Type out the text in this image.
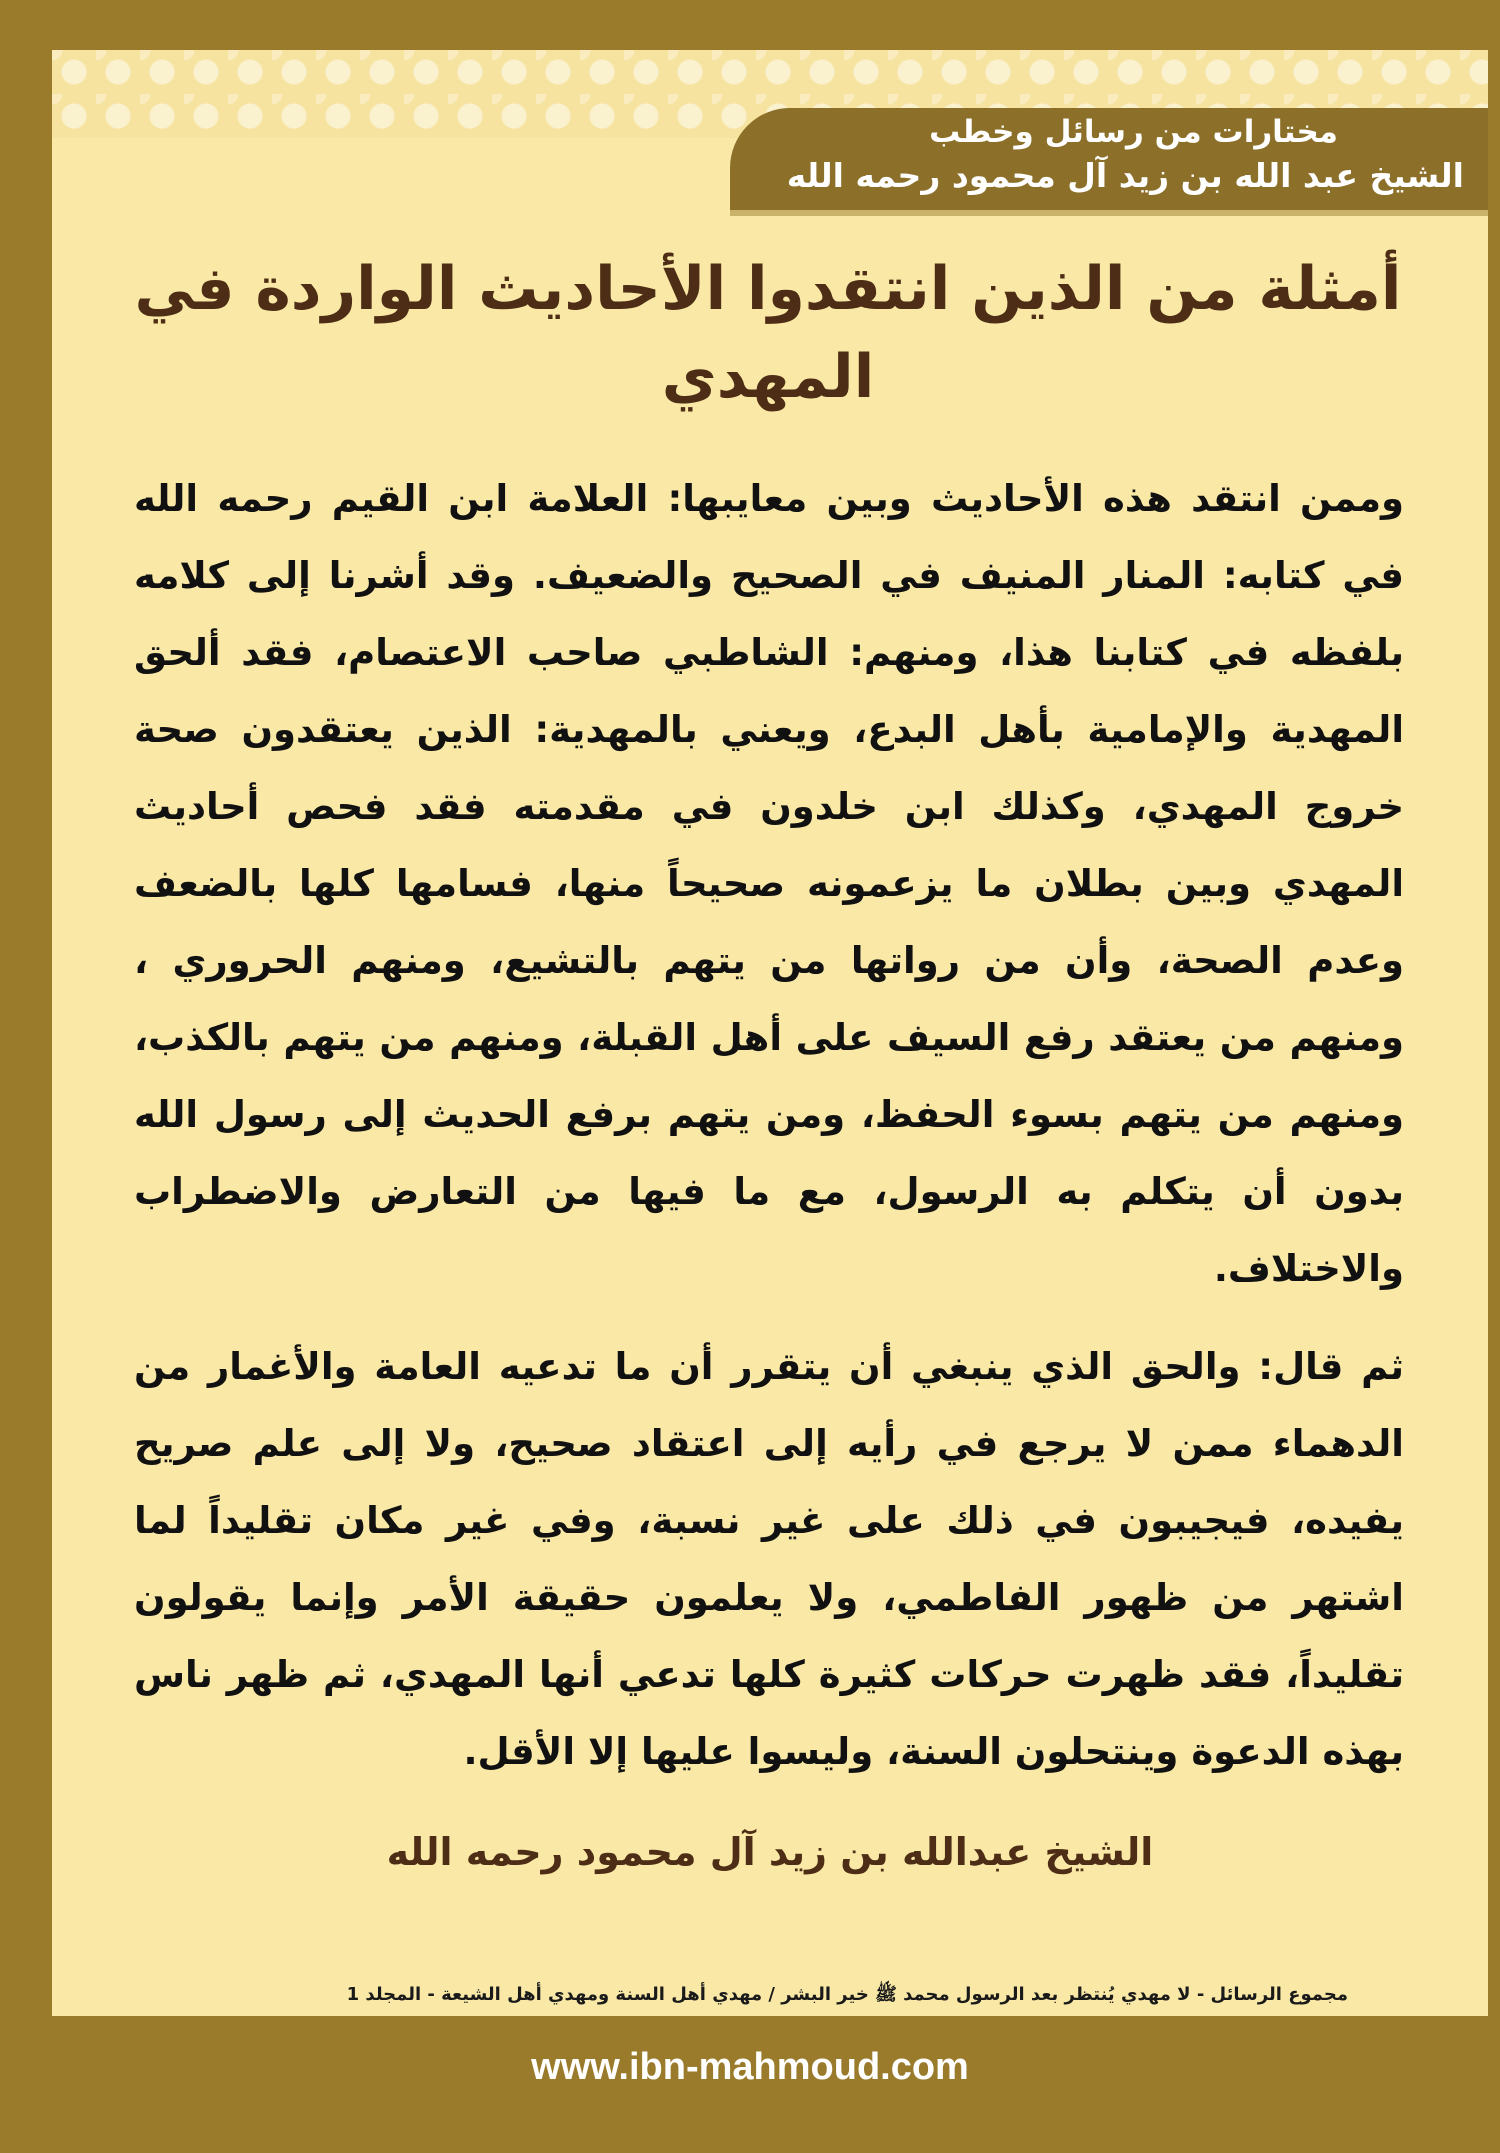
مختارات من رسائل وخطب
الشيخ عبد الله بن زيد آل محمود رحمه الله
أمثلة من الذين انتقدوا الأحاديث الواردة في المهدي
وممن انتقد هذه الأحاديث وبين معايبها: العلامة ابن القيم رحمه الله في كتابه: المنار المنيف في الصحيح والضعيف. وقد أشرنا إلى كلامه بلفظه في كتابنا هذا، ومنهم: الشاطبي صاحب الاعتصام، فقد ألحق المهدية والإمامية بأهل البدع، ويعني بالمهدية: الذين يعتقدون صحة خروج المهدي، وكذلك ابن خلدون في مقدمته فقد فحص أحاديث المهدي وبين بطلان ما يزعمونه صحيحاً منها، فسامها كلها بالضعف وعدم الصحة، وأن من رواتها من يتهم بالتشيع، ومنهم الحروري ، ومنهم من يعتقد رفع السيف على أهل القبلة، ومنهم من يتهم بالكذب، ومنهم من يتهم بسوء الحفظ، ومن يتهم برفع الحديث إلى رسول الله بدون أن يتكلم به الرسول، مع ما فيها من التعارض والاضطراب والاختلاف.
ثم قال: والحق الذي ينبغي أن يتقرر أن ما تدعيه العامة والأغمار من الدهماء ممن لا يرجع في رأيه إلى اعتقاد صحيح، ولا إلى علم صريح يفيده، فيجيبون في ذلك على غير نسبة، وفي غير مكان تقليداً لما اشتهر من ظهور الفاطمي، ولا يعلمون حقيقة الأمر وإنما يقولون تقليداً، فقد ظهرت حركات كثيرة كلها تدعي أنها المهدي، ثم ظهر ناس بهذه الدعوة وينتحلون السنة، وليسوا عليها إلا الأقل.
الشيخ عبدالله بن زيد آل محمود رحمه الله
مجموع الرسائل - لا مهدي يُنتظر بعد الرسول محمد ﷺ خير البشر / مهدي أهل السنة ومهدي أهل الشيعة - المجلد 1
www.ibn-mahmoud.com
